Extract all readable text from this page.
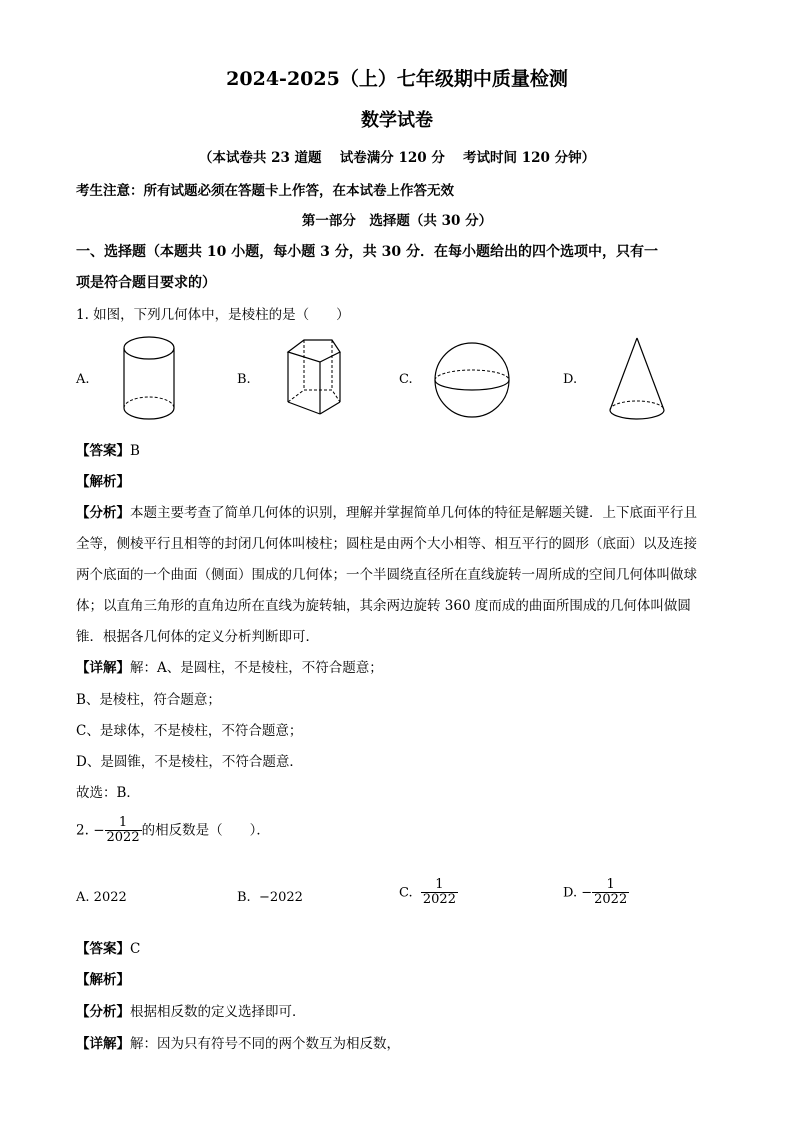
2024-2025（上）七年级期中质量检测
数学试卷
（本试卷共 23 道题　 试卷满分 120 分　 考试时间 120 分钟）
考生注意：所有试题必须在答题卡上作答，在本试卷上作答无效
第一部分　选择题（共 30 分）
一、选择题（本题共 10 小题，每小题 3 分，共 30 分．在每小题给出的四个选项中，只有一
项是符合题目要求的）
1. 如图，下列几何体中，是棱柱的是（　　）
A.	B.	C.	D.
【答案】B
【解析】
【分析】本题主要考查了简单几何体的识别，理解并掌握简单几何体的特征是解题关键．上下底面平行且
全等，侧棱平行且相等的封闭几何体叫棱柱；圆柱是由两个大小相等、相互平行的圆形（底面）以及连接
两个底面的一个曲面（侧面）围成的几何体；一个半圆绕直径所在直线旋转一周所成的空间几何体叫做球
体；以直角三角形的直角边所在直线为旋转轴，其余两边旋转 360 度而成的曲面所围成的几何体叫做圆
锥．根据各几何体的定义分析判断即可．
【详解】解：A、是圆柱，不是棱柱，不符合题意；
B、是棱柱，符合题意；
C、是球体，不是棱柱，不符合题意；
D、是圆锥，不是棱柱，不符合题意．
故选：B．
2. − $\frac{1}{2022}$ 的相反数是（　　）．
A. 2022	B. −2022	C. $\frac{1}{2022}$	D. − $\frac{1}{2022}$
【答案】C
【解析】
【分析】根据相反数的定义选择即可．
【详解】解：因为只有符号不同的两个数互为相反数，
